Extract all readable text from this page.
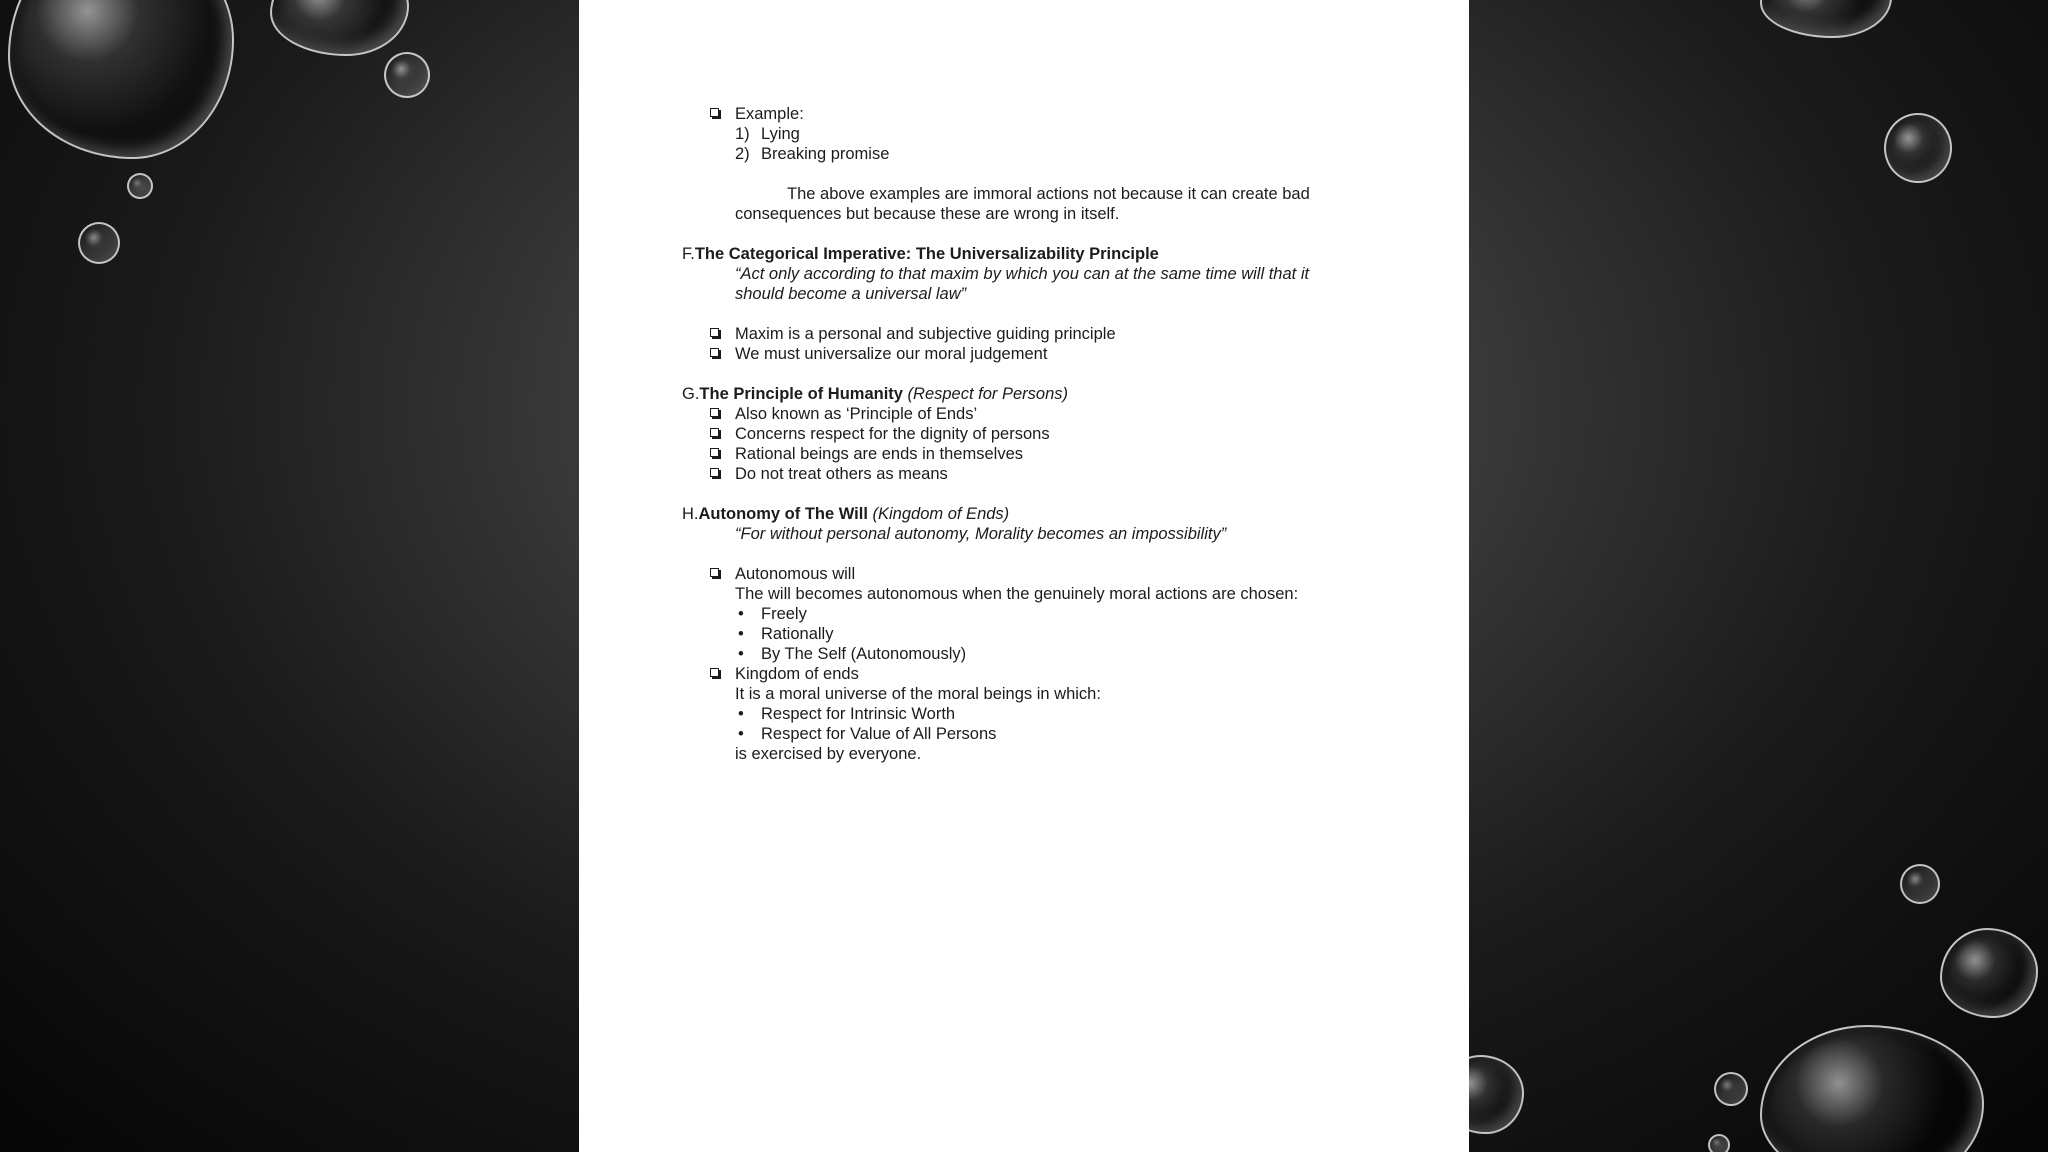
Example:
1) Lying
2) Breaking promise
The above examples are immoral actions not because it can create bad
consequences but because these are wrong in itself.
F.The Categorical Imperative: The Universalizability Principle
“Act only according to that maxim by which you can at the same time will that it
should become a universal law”
Maxim is a personal and subjective guiding principle
We must universalize our moral judgement
G.The Principle of Humanity (Respect for Persons)
Also known as ‘Principle of Ends’
Concerns respect for the dignity of persons
Rational beings are ends in themselves
Do not treat others as means
H.Autonomy of The Will (Kingdom of Ends)
“For without personal autonomy, Morality becomes an impossibility”
Autonomous will
The will becomes autonomous when the genuinely moral actions are chosen:
• Freely
• Rationally
• By The Self (Autonomously)
Kingdom of ends
It is a moral universe of the moral beings in which:
• Respect for Intrinsic Worth
• Respect for Value of All Persons
is exercised by everyone.
